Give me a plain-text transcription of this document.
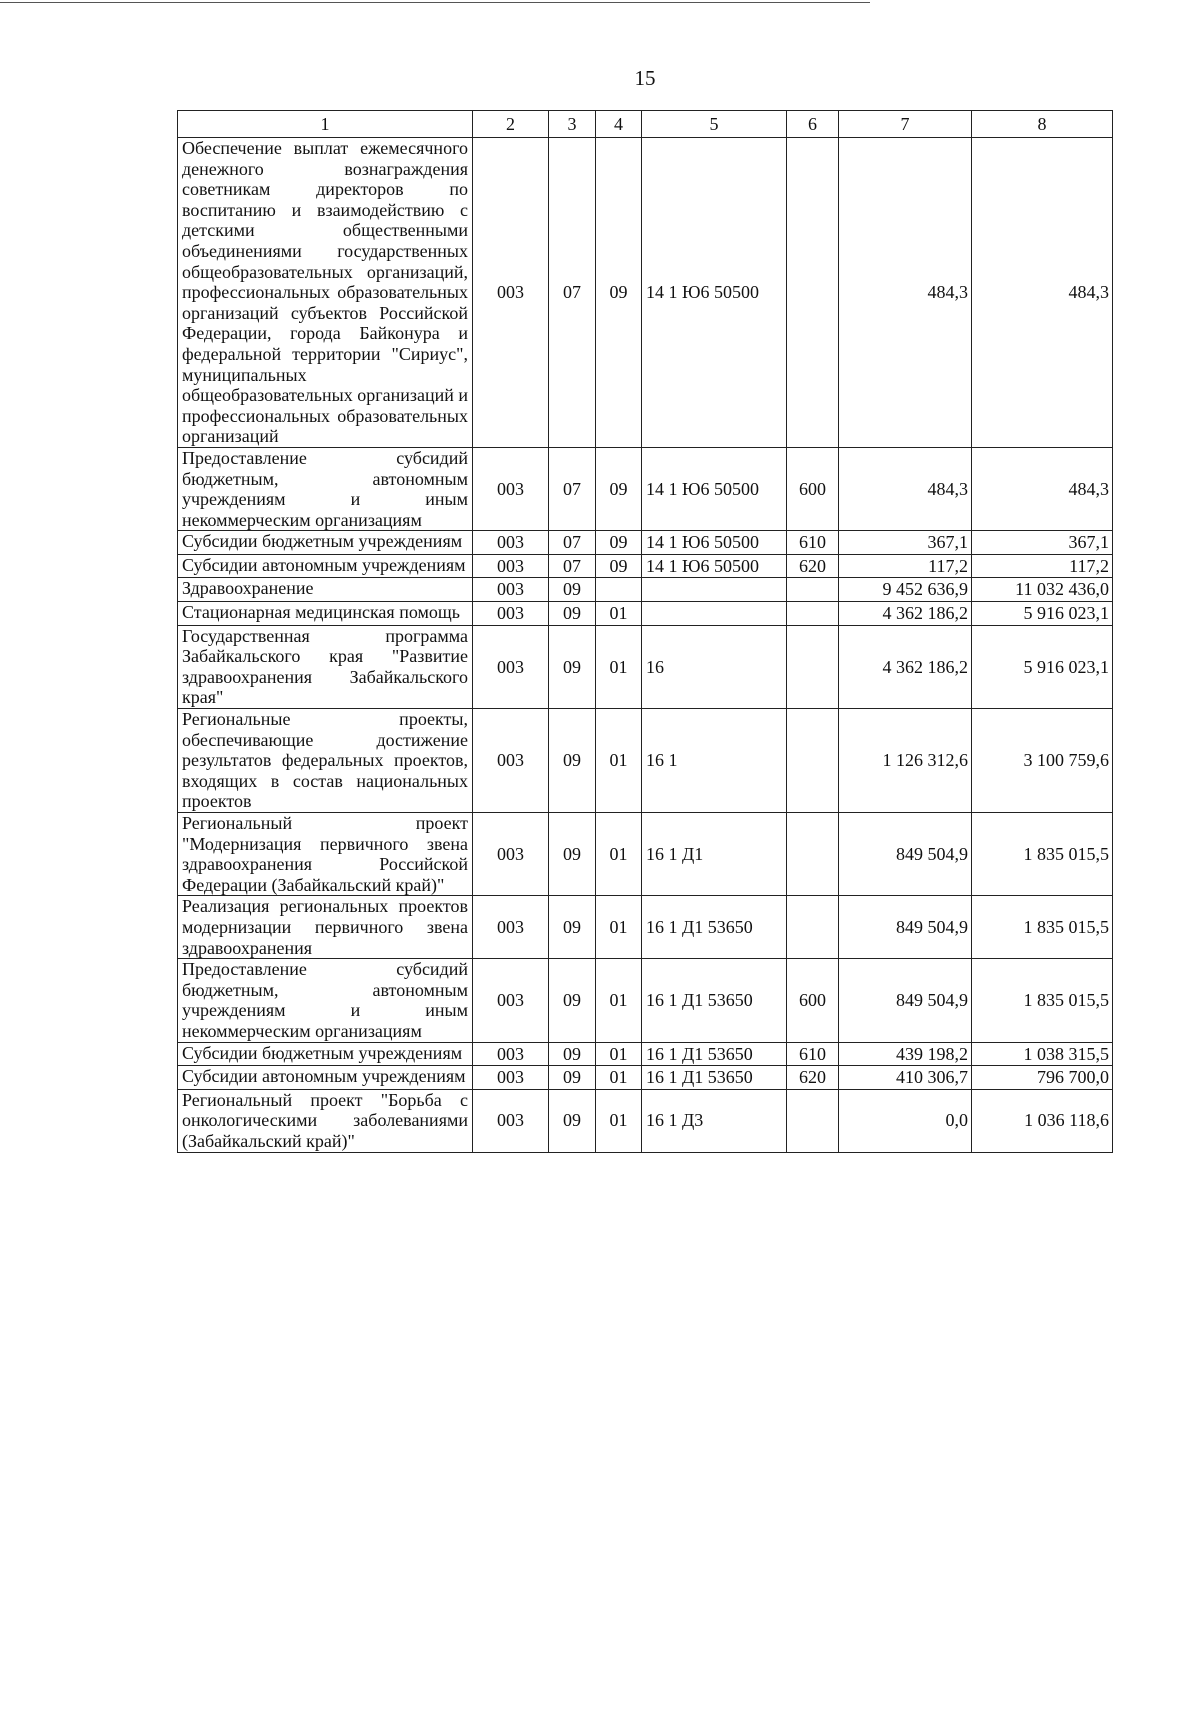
15
1	2	3	4	5	6	7	8
Обеспечение выплат ежемесячного денежного вознаграждения советникам директоров по воспитанию и взаимодействию с детскими общественными объединениями государственных общеобразовательных организаций, профессиональных образовательных организаций субъектов Российской Федерации, города Байконура и федеральной территории "Сириус", муниципальных общеобразовательных организаций и профессиональных образовательных организаций	003	07	09	14 1 Ю6 50500		484,3	484,3
Предоставление субсидий бюджетным, автономным учреждениям и иным некоммерческим организациям	003	07	09	14 1 Ю6 50500	600	484,3	484,3
Субсидии бюджетным учреждениям	003	07	09	14 1 Ю6 50500	610	367,1	367,1
Субсидии автономным учреждениям	003	07	09	14 1 Ю6 50500	620	117,2	117,2
Здравоохранение	003	09				9 452 636,9	11 032 436,0
Стационарная медицинская помощь	003	09	01			4 362 186,2	5 916 023,1
Государственная программа Забайкальского края "Развитие здравоохранения Забайкальского края"	003	09	01	16		4 362 186,2	5 916 023,1
Региональные проекты, обеспечивающие достижение результатов федеральных проектов, входящих в состав национальных проектов	003	09	01	16 1		1 126 312,6	3 100 759,6
Региональный проект "Модернизация первичного звена здравоохранения Российской Федерации (Забайкальский край)"	003	09	01	16 1 Д1		849 504,9	1 835 015,5
Реализация региональных проектов модернизации первичного звена здравоохранения	003	09	01	16 1 Д1 53650		849 504,9	1 835 015,5
Предоставление субсидий бюджетным, автономным учреждениям и иным некоммерческим организациям	003	09	01	16 1 Д1 53650	600	849 504,9	1 835 015,5
Субсидии бюджетным учреждениям	003	09	01	16 1 Д1 53650	610	439 198,2	1 038 315,5
Субсидии автономным учреждениям	003	09	01	16 1 Д1 53650	620	410 306,7	796 700,0
Региональный проект "Борьба с онкологическими заболеваниями (Забайкальский край)"	003	09	01	16 1 Д3		0,0	1 036 118,6
